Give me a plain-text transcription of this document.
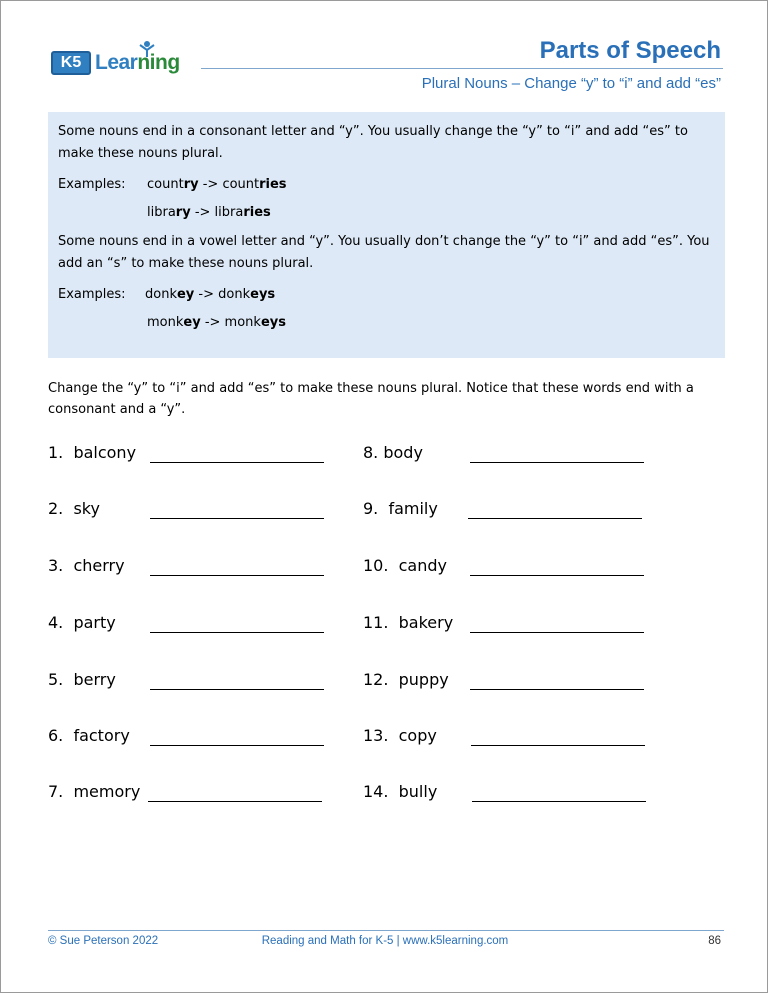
K5 Learning	Parts of Speech
Plural Nouns – Change “y” to “i” and add “es”

Some nouns end in a consonant letter and “y”. You usually change the “y” to “i” and add “es” to make these nouns plural.

Examples:	country -> countries
library -> libraries

Some nouns end in a vowel letter and “y”. You usually don’t change the “y” to “i” and add “es”. You add an “s” to make these nouns plural.

Examples:	donkey -> donkeys
monkey -> monkeys

Change the “y” to “i” and add “es” to make these nouns plural. Notice that these words end with a consonant and a “y”.

1. balcony
2. sky
3. cherry
4. party
5. berry
6. factory
7. memory
8. body
9. family
10. candy
11. bakery
12. puppy
13. copy
14. bully
© Sue Peterson 2022	Reading and Math for K-5 | www.k5learning.com	86
